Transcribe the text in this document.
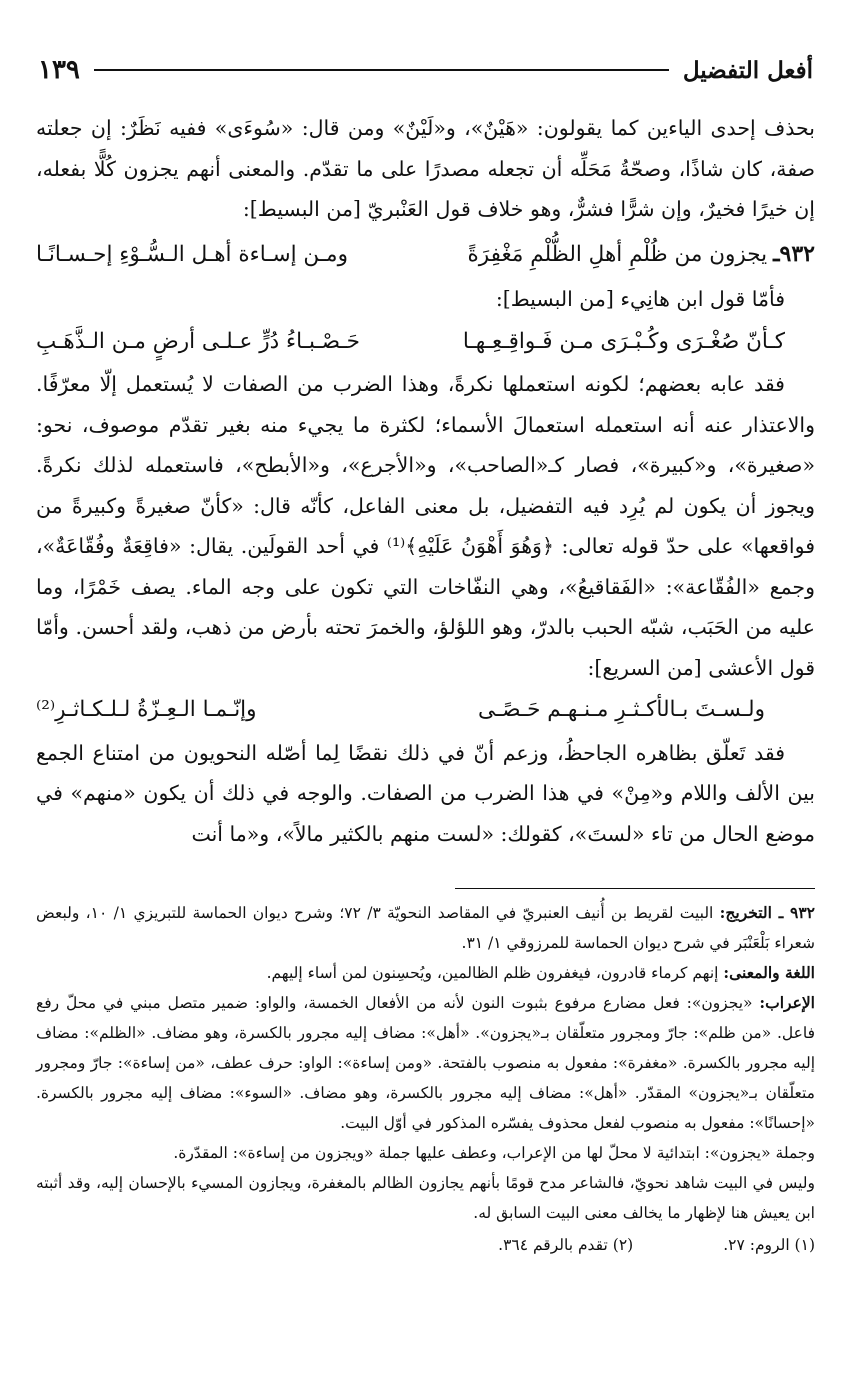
أفعل التفضيل
١٣٩

بحذف إحدى الياءين كما يقولون: «هَيْنٌ»، و«لَيْنٌ» ومن قال: «سُوءَى» ففيه نَظَرٌ: إن جعلته صفة، كان شاذًا، وصحّةُ مَحَلِّه أن تجعله مصدرًا على ما تقدّم. والمعنى أنهم يجزون كُلًّا بفعله، إن خيرًا فخيرٌ، وإن شرًّا فشرٌّ، وهو خلاف قول العَنْبريّ [من البسيط]:

٩٣٢ـ
يجزون من ظُلْمِ أهلِ الظُّلْمِ مَغْفِرَةً
ومـن إسـاءة أهـل الـسُّـوْءِ إحـسـانًـا

فأمّا قول ابن هانِيء [من البسيط]:

كـأنّ صُغْـرَى وكُـبْـرَى مـن فَـواقِـعِـهـا
حَـصْـبـاءُ دُرٍّ عـلـى أرضٍ مـن الـذَّهَـبِ

فقد عابه بعضهم؛ لكونه استعملها نكرةً، وهذا الضرب من الصفات لا يُستعمل إلّا معرّفًا. والاعتذار عنه أنه استعمله استعمالَ الأسماء؛ لكثرة ما يجيء منه بغير تقدّم موصوف، نحو: «صغيرة»، و«كبيرة»، فصار كـ«الصاحب»، و«الأجرع»، و«الأبطح»، فاستعمله لذلك نكرةً. ويجوز أن يكون لم يُرِد فيه التفضيل، بل معنى الفاعل، كأنّه قال: «كأنّ صغيرةً وكبيرةً من فواقعها» على حدّ قوله تعالى: ﴿وَهُوَ أَهْوَنُ عَلَيْهِ﴾⁽¹⁾ في أحد القولَين. يقال: «فاقِعَةٌ وفُقّاعَةٌ»، وجمع «الفُقّاعة»: «الفَقاقيعُ»، وهي النفّاخات التي تكون على وجه الماء. يصف خَمْرًا، وما عليه من الحَبَب، شبّه الحبب بالدرّ، وهو اللؤلؤ، والخمرَ تحته بأرض من ذهب، ولقد أحسن. وأمّا قول الأعشى [من السريع]:

ولـسـتَ بـالأكـثـرِ مـنـهـم حَـصًـى
وإنّـمـا الـعِـزّةُ لـلـكـاثـرِ⁽²⁾

فقد تَعلّق بظاهره الجاحظُ، وزعم أنّ في ذلك نقضًا لِما أصّله النحويون من امتناع الجمع بين الألف واللام و«مِنْ» في هذا الضرب من الصفات. والوجه في ذلك أن يكون «منهم» في موضع الحال من تاء «لستَ»، كقولك: «لست منهم بالكثير مالاً»، و«ما أنت

٩٣٢ ـ التخريج: البيت لقريط بن أُنيف العنبريّ في المقاصد النحويّة ٣/ ٧٢؛ وشرح ديوان الحماسة للتبريزي ١/ ١٠، ولبعض شعراء بَلْعَنْبَر في شرح ديوان الحماسة للمرزوقي ١/ ٣١.

اللغة والمعنى: إنهم كرماء قادرون، فيغفرون ظلم الظالمين، ويُحسِنون لمن أساء إليهم.

الإعراب: «يجزون»: فعل مضارع مرفوع بثبوت النون لأنه من الأفعال الخمسة، والواو: ضمير متصل مبني في محلّ رفع فاعل. «من ظلم»: جارّ ومجرور متعلّقان بـ«يجزون». «أهل»: مضاف إليه مجرور بالكسرة، وهو مضاف. «الظلم»: مضاف إليه مجرور بالكسرة. «مغفرة»: مفعول به منصوب بالفتحة. «ومن إساءة»: الواو: حرف عطف، «من إساءة»: جارّ ومجرور متعلّقان بـ«يجزون» المقدّر. «أهل»: مضاف إليه مجرور بالكسرة، وهو مضاف. «السوء»: مضاف إليه مجرور بالكسرة. «إحسانًا»: مفعول به منصوب لفعل محذوف يفسّره المذكور في أوّل البيت.

وجملة «يجزون»: ابتدائية لا محلّ لها من الإعراب، وعطف عليها جملة «ويجزون من إساءة»: المقدّرة.

وليس في البيت شاهد نحويّ، فالشاعر مدح قومًا بأنهم يجازون الظالم بالمغفرة، ويجازون المسيء بالإحسان إليه، وقد أثبته ابن يعيش هنا لإظهار ما يخالف معنى البيت السابق له.

(١) الروم: ٢٧.
(٢) تقدم بالرقم ٣٦٤.
